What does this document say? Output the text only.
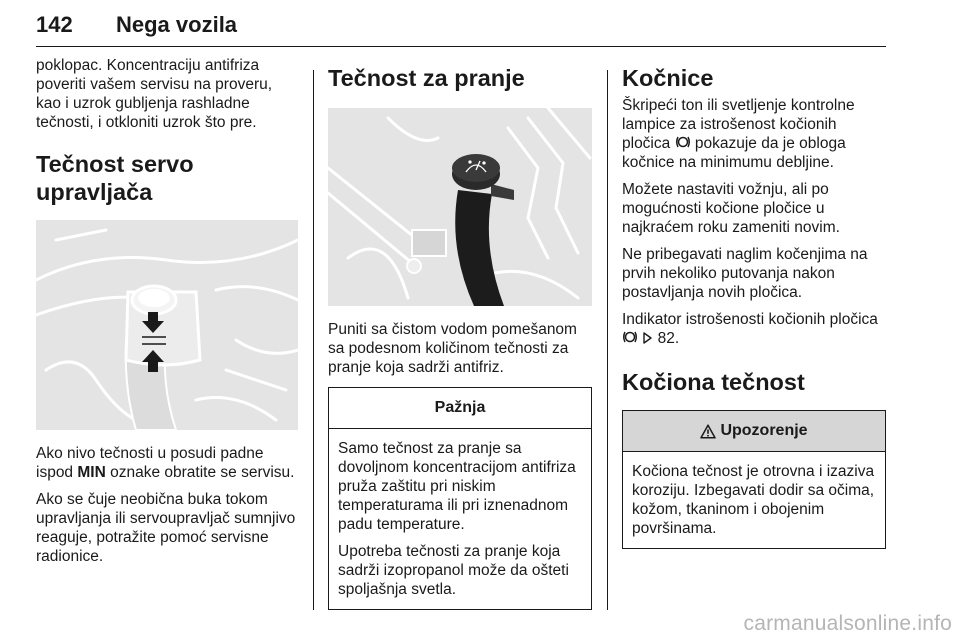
142 Nega vozila

poklopac. Koncentraciju antifriza poveriti vašem servisu na proveru, kao i uzrok gubljenja rashladne tečnosti, i otkloniti uzrok što pre.

Tečnost servo upravljača

Ako nivo tečnosti u posudi padne ispod MIN oznake obratite se servisu.

Ako se čuje neobična buka tokom upravljanja ili servoupravljač sumnjivo reaguje, potražite pomoć servisne radionice.

Tečnost za pranje

Puniti sa čistom vodom pomešanom sa podesnom količinom tečnosti za pranje koja sadrži antifriz.

Pažnja

Samo tečnost za pranje sa dovoljnom koncentracijom antifriza pruža zaštitu pri niskim temperaturama ili pri iznenadnom padu temperature.

Upotreba tečnosti za pranje koja sadrži izopropanol može da ošteti spoljašnja svetla.

Kočnice

Škripeći ton ili svetljenje kontrolne lampice za istrošenost kočionih pločica  pokazuje da je obloga kočnice na minimumu debljine.

Možete nastaviti vožnju, ali po mogućnosti kočione pločice u najkraćem roku zameniti novim.

Ne pribegavati naglim kočenjima na prvih nekoliko putovanja nakon postavljanja novih pločica.

Indikator istrošenosti kočionih pločica   82.

Kočiona tečnost
Upozorenje

Kočiona tečnost je otrovna i izaziva koroziju. Izbegavati dodir sa očima, kožom, tkaninom i obojenim površinama.

carmanualsonline.info
